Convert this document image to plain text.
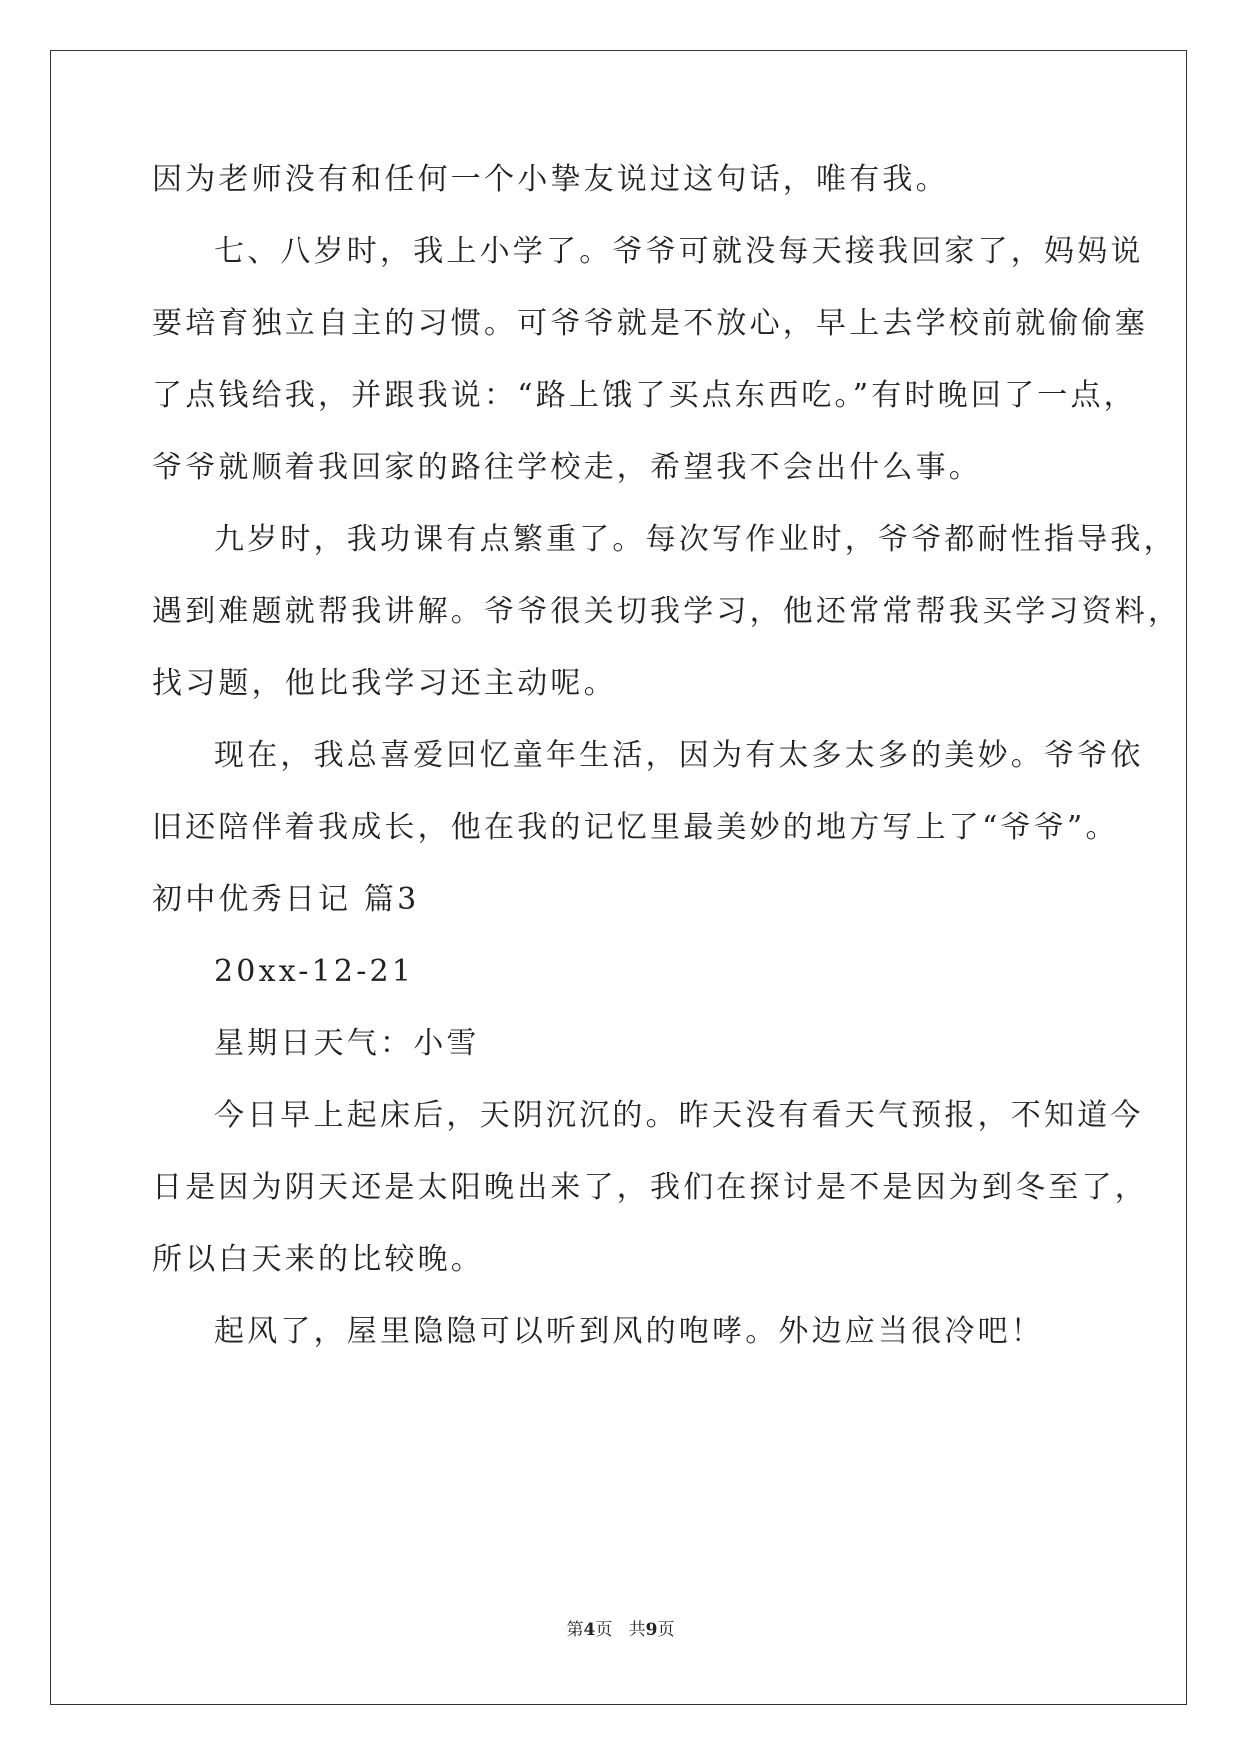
因为老师没有和任何一个小挚友说过这句话，唯有我。
七、八岁时，我上小学了。爷爷可就没每天接我回家了，妈妈说
要培育独立自主的习惯。可爷爷就是不放心，早上去学校前就偷偷塞
了点钱给我，并跟我说：“路上饿了买点东西吃。”有时晚回了一点，
爷爷就顺着我回家的路往学校走，希望我不会出什么事。
九岁时，我功课有点繁重了。每次写作业时，爷爷都耐性指导我，
遇到难题就帮我讲解。爷爷很关切我学习，他还常常帮我买学习资料，
找习题，他比我学习还主动呢。
现在，我总喜爱回忆童年生活，因为有太多太多的美妙。爷爷依
旧还陪伴着我成长，他在我的记忆里最美妙的地方写上了“爷爷”。
初中优秀日记 篇3
20xx-12-21
星期日天气：小雪
今日早上起床后，天阴沉沉的。昨天没有看天气预报，不知道今
日是因为阴天还是太阳晚出来了，我们在探讨是不是因为到冬至了，
所以白天来的比较晚。
起风了，屋里隐隐可以听到风的咆哮。外边应当很冷吧！
第4页   共9页
